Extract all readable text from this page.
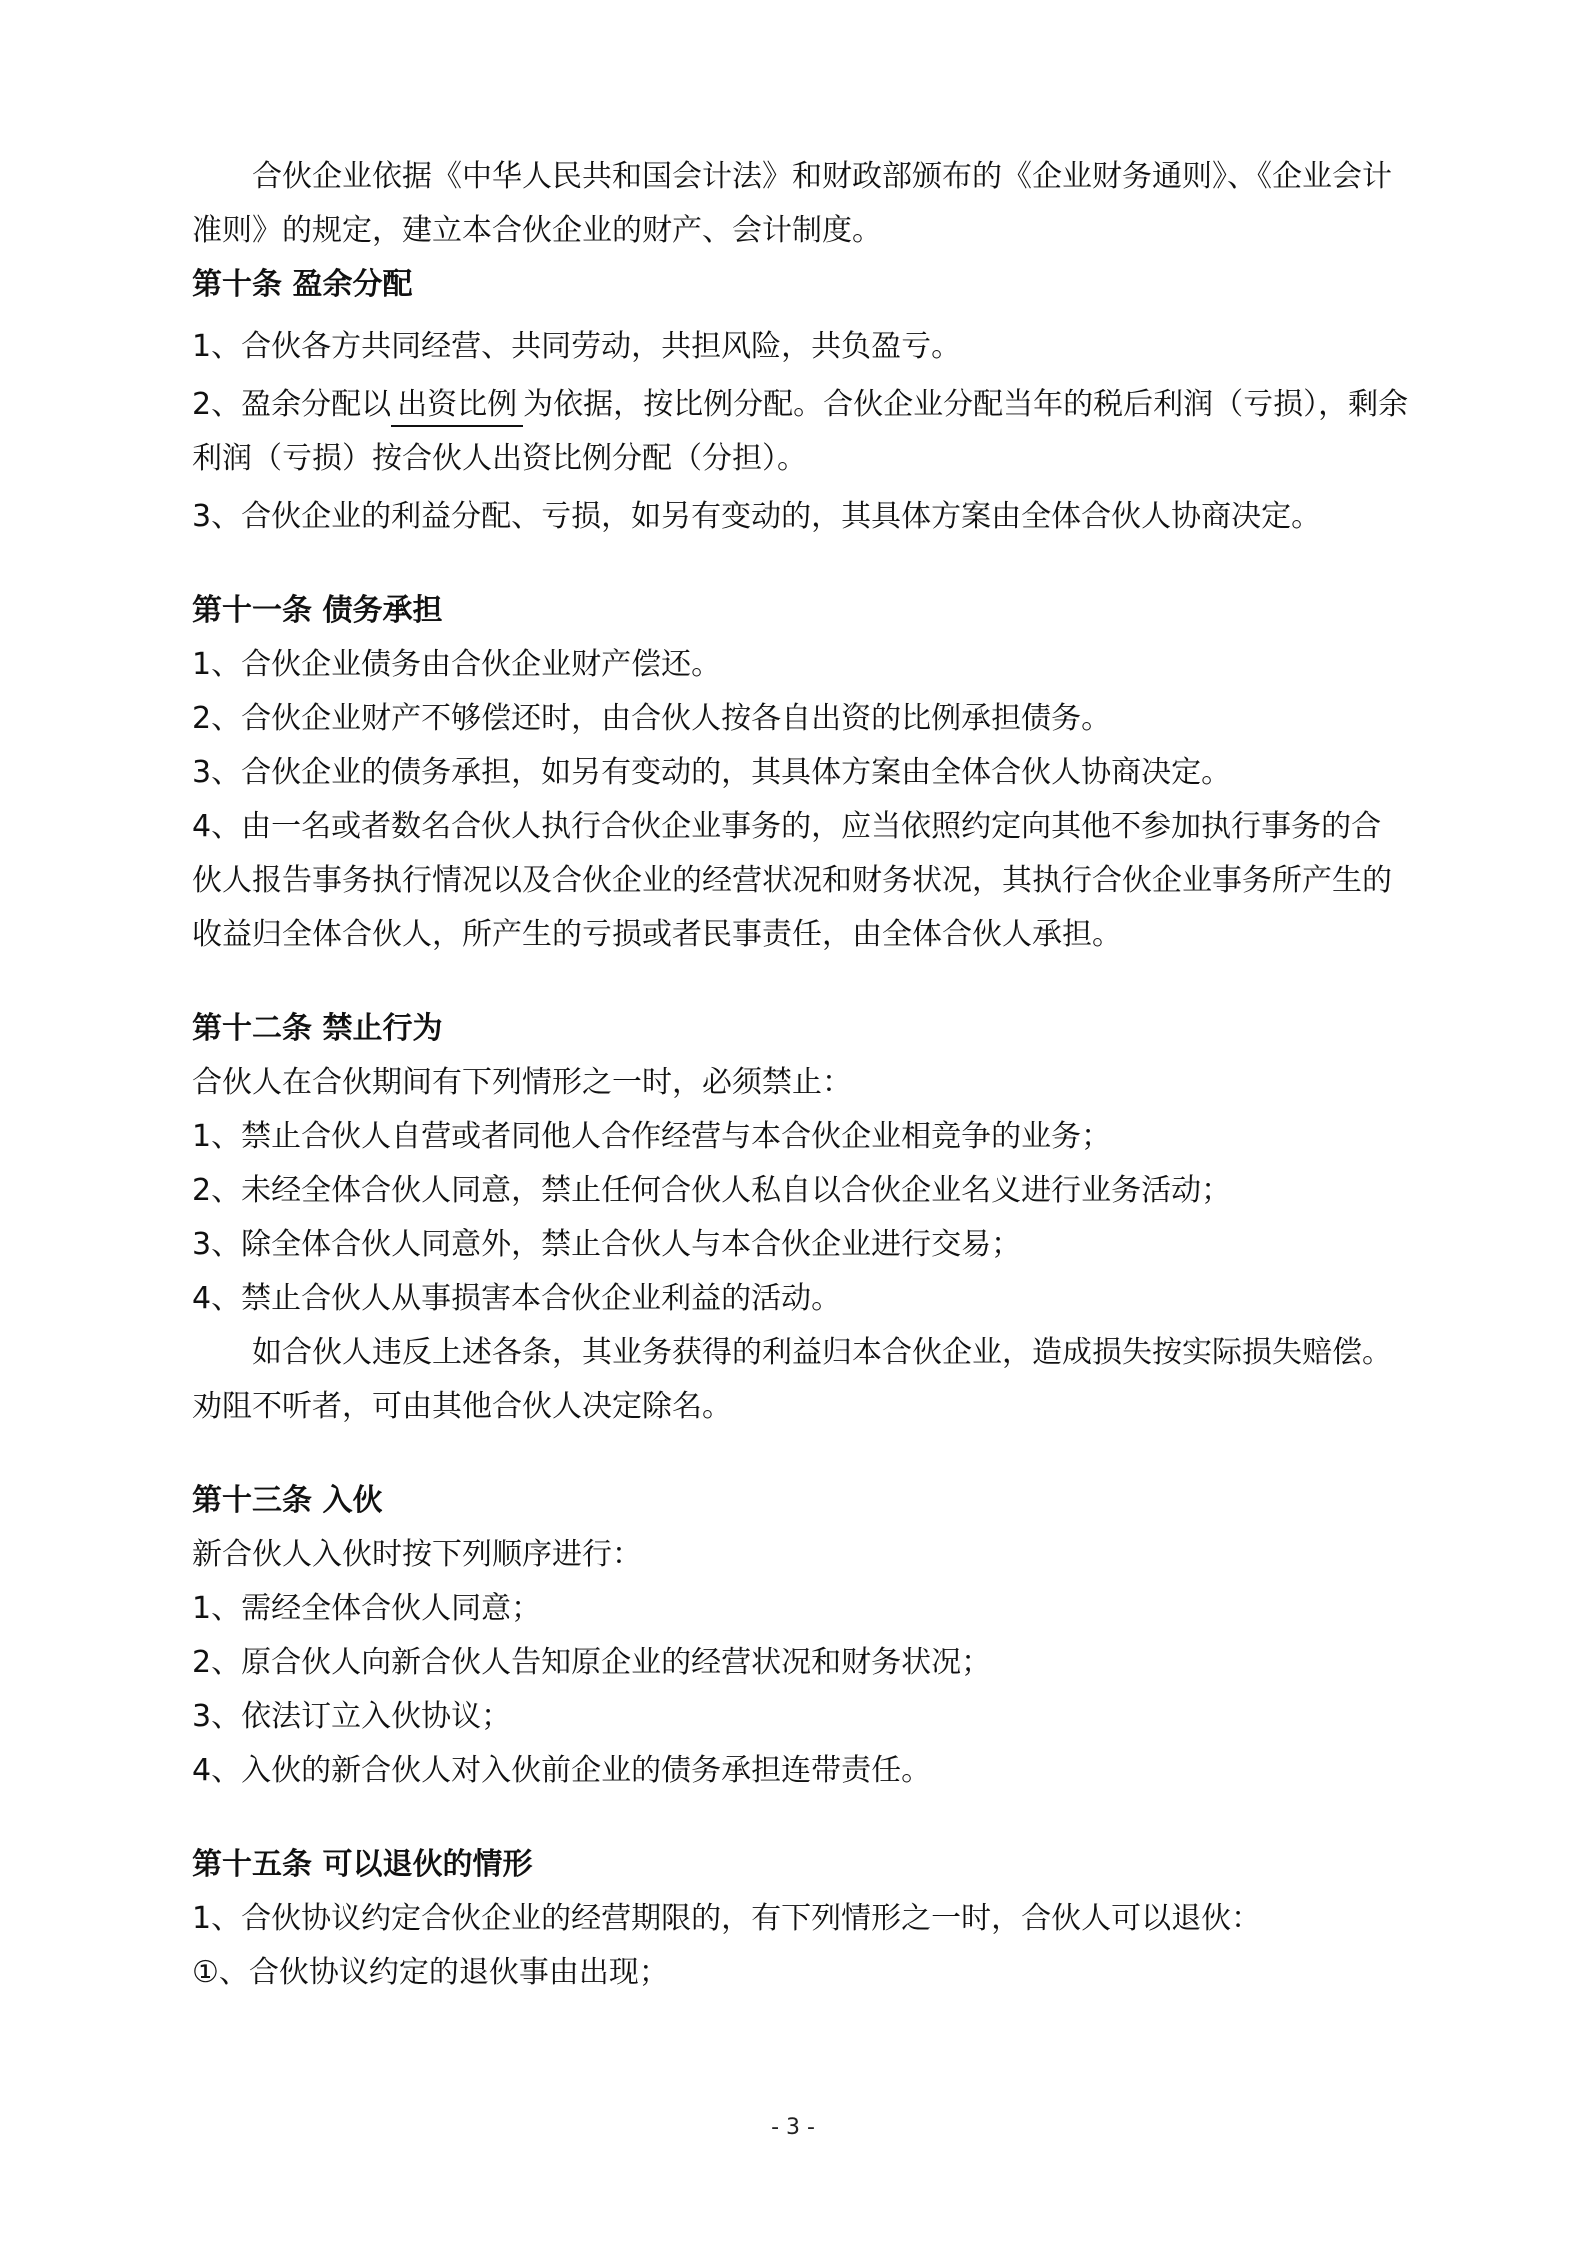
合伙企业依据《中华人民共和国会计法》和财政部颁布的《企业财务通则》、《企业会计准则》的规定，建立本合伙企业的财产、会计制度。

第十条 盈余分配

1、合伙各方共同经营、共同劳动，共担风险，共负盈亏。

2、盈余分配以 出资比例 为依据，按比例分配。合伙企业分配当年的税后利润（亏损），剩余利润（亏损）按合伙人出资比例分配（分担）。

3、合伙企业的利益分配、亏损，如另有变动的，其具体方案由全体合伙人协商决定。

第十一条 债务承担

1、合伙企业债务由合伙企业财产偿还。

2、合伙企业财产不够偿还时，由合伙人按各自出资的比例承担债务。

3、合伙企业的债务承担，如另有变动的，其具体方案由全体合伙人协商决定。

4、由一名或者数名合伙人执行合伙企业事务的，应当依照约定向其他不参加执行事务的合伙人报告事务执行情况以及合伙企业的经营状况和财务状况，其执行合伙企业事务所产生的收益归全体合伙人，所产生的亏损或者民事责任，由全体合伙人承担。

第十二条 禁止行为

合伙人在合伙期间有下列情形之一时，必须禁止：

1、禁止合伙人自营或者同他人合作经营与本合伙企业相竞争的业务；

2、未经全体合伙人同意，禁止任何合伙人私自以合伙企业名义进行业务活动；

3、除全体合伙人同意外，禁止合伙人与本合伙企业进行交易；

4、禁止合伙人从事损害本合伙企业利益的活动。

如合伙人违反上述各条，其业务获得的利益归本合伙企业，造成损失按实际损失赔偿。劝阻不听者，可由其他合伙人决定除名。

第十三条 入伙

新合伙人入伙时按下列顺序进行：

1、需经全体合伙人同意；

2、原合伙人向新合伙人告知原企业的经营状况和财务状况；

3、依法订立入伙协议；

4、入伙的新合伙人对入伙前企业的债务承担连带责任。

第十五条 可以退伙的情形

1、合伙协议约定合伙企业的经营期限的，有下列情形之一时，合伙人可以退伙：

①、合伙协议约定的退伙事由出现；

- 3 -
